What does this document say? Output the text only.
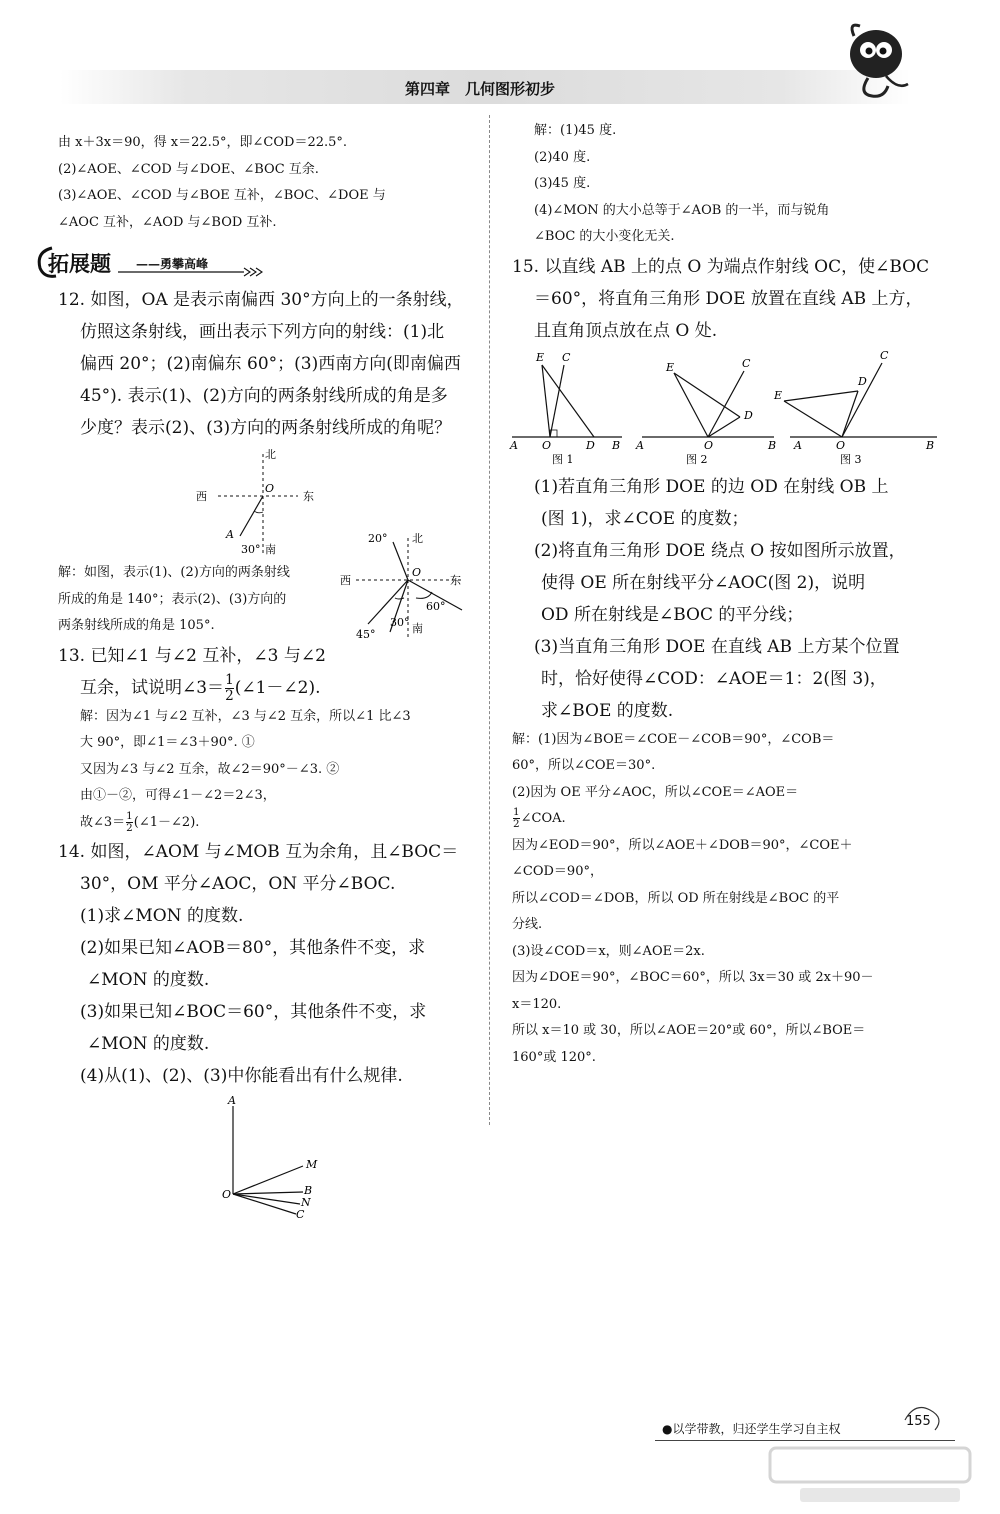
第四章　几何图形初步

由 x＋3x＝90，得 x＝22.5°，即∠COD＝22.5°.

(2)∠AOE、∠COD 与∠DOE、∠BOC 互余.

(3)∠AOE、∠COD 与∠BOE 互补，∠BOC、∠DOE 与

∠AOC 互补，∠AOD 与∠BOD 互补.

拓展题 ——勇攀高峰

12. 如图，OA 是表示南偏西 30°方向上的一条射线，

仿照这条射线，画出表示下列方向的射线：(1)北

偏西 20°；(2)南偏东 60°；(3)西南方向(即南偏西

45°). 表示(1)、(2)方向的两条射线所成的角是多

少度？表示(2)、(3)方向的两条射线所成的角呢？

北
西	东
O
A
30° 南

解：如图，表示(1)、(2)方向的两条射线

所成的角是 140°；表示(2)、(3)方向的

两条射线所成的角是 105°.

北
20°
西	东
O
60°
45°
30° 南

13. 已知∠1 与∠2 互补，∠3 与∠2

互余，试说明∠3＝ $\frac{1}{2}$ (∠1－∠2).

解：因为∠1 与∠2 互补，∠3 与∠2 互余，所以∠1 比∠3

大 90°，即∠1＝∠3＋90°. ①

又因为∠3 与∠2 互余，故∠2＝90°－∠3. ②

由①－②，可得∠1－∠2＝2∠3，

故∠3＝ $\frac{1}{2}$ (∠1－∠2).

14. 如图，∠AOM 与∠MOB 互为余角，且∠BOC＝

30°，OM 平分∠AOC，ON 平分∠BOC.

(1)求∠MON 的度数.

(2)如果已知∠AOB＝80°，其他条件不变，求

∠MON 的度数.

(3)如果已知∠BOC＝60°，其他条件不变，求

∠MON 的度数.

(4)从(1)、(2)、(3)中你能看出有什么规律.

A
O
M
B
N
C

解：(1)45 度.

(2)40 度.

(3)45 度.

(4)∠MON 的大小总等于∠AOB 的一半，而与锐角

∠BOC 的大小变化无关.

15. 以直线 AB 上的点 O 为端点作射线 OC，使∠BOC

＝60°，将直角三角形 DOE 放置在直线 AB 上方，

且直角顶点放在点 O 处.

E C
A O	D B
图 1
E	C
D
A	O	B
图 2
E
C
D
A	O	B
图 3

(1)若直角三角形 DOE 的边 OD 在射线 OB 上

(图 1)，求∠COE 的度数；

(2)将直角三角形 DOE 绕点 O 按如图所示放置，

使得 OE 所在射线平分∠AOC(图 2)，说明

OD 所在射线是∠BOC 的平分线；

(3)当直角三角形 DOE 在直线 AB 上方某个位置

时，恰好使得∠COD：∠AOE＝1：2(图 3)，

求∠BOE 的度数.

解：(1)因为∠BOE＝∠COE－∠COB＝90°，∠COB＝

60°，所以∠COE＝30°.

(2)因为 OE 平分∠AOC，所以∠COE＝∠AOE＝

$\frac{1}{2}$ ∠COA.

因为∠EOD＝90°，所以∠AOE＋∠DOB＝90°，∠COE＋

∠COD＝90°，

所以∠COD＝∠DOB，所以 OD 所在射线是∠BOC 的平

分线.

(3)设∠COD＝x，则∠AOE＝2x.

因为∠DOE＝90°，∠BOC＝60°，所以 3x＝30 或 2x＋90－

x＝120.

所以 x＝10 或 30，所以∠AOE＝20°或 60°，所以∠BOE＝

160°或 120°.

●以学带教，归还学生学习自主权	155
